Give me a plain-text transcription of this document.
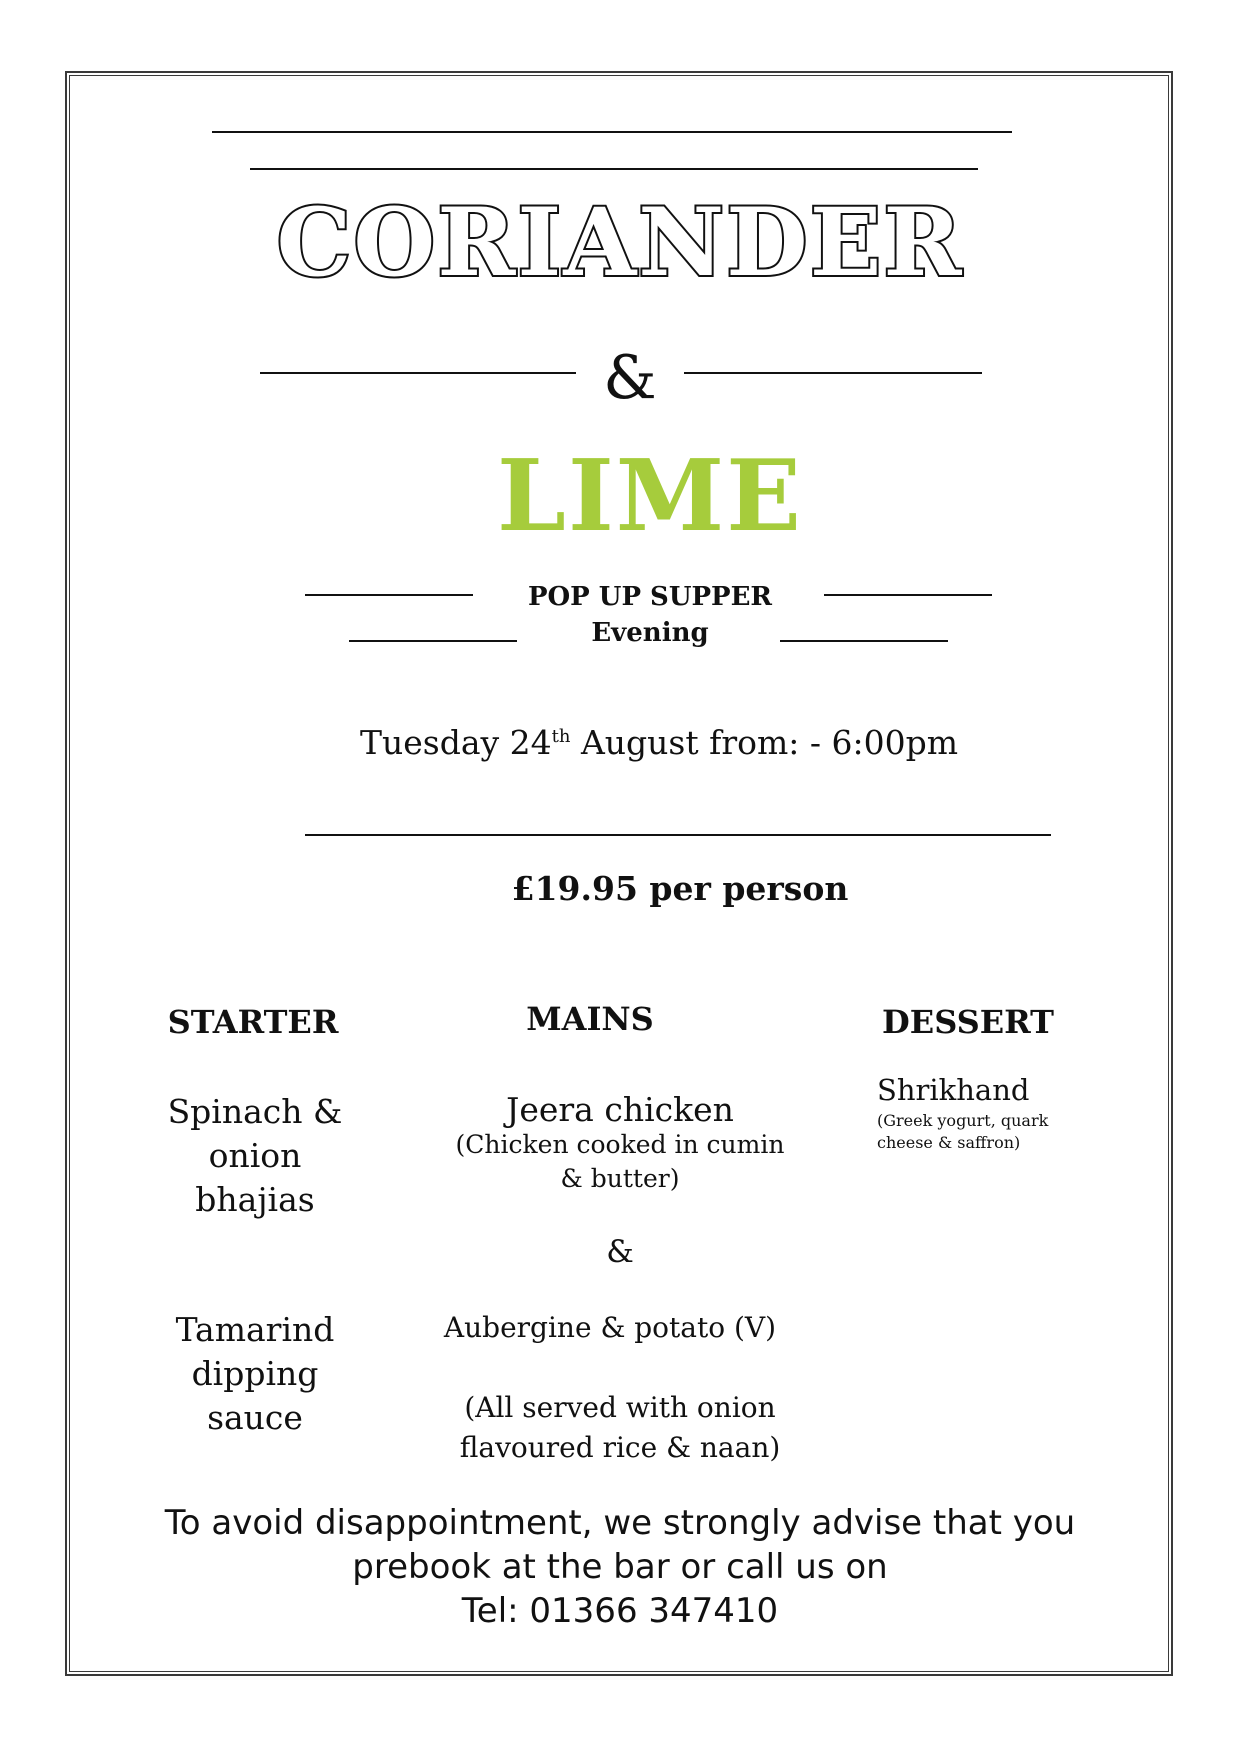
CORIANDER
&
LIME
POP UP SUPPER
Evening
Tuesday 24th August from: - 6:00pm
£19.95 per person
STARTER	MAINS	DESSERT
Spinach &
onion
bhajias
Tamarind
dipping
sauce
Jeera chicken
(Chicken cooked in cumin
& butter)
&
Aubergine & potato (V)
(All served with onion
flavoured rice & naan)
Shrikhand
(Greek yogurt, quark
cheese & saffron)
To avoid disappointment, we strongly advise that you
prebook at the bar or call us on
Tel: 01366 347410
